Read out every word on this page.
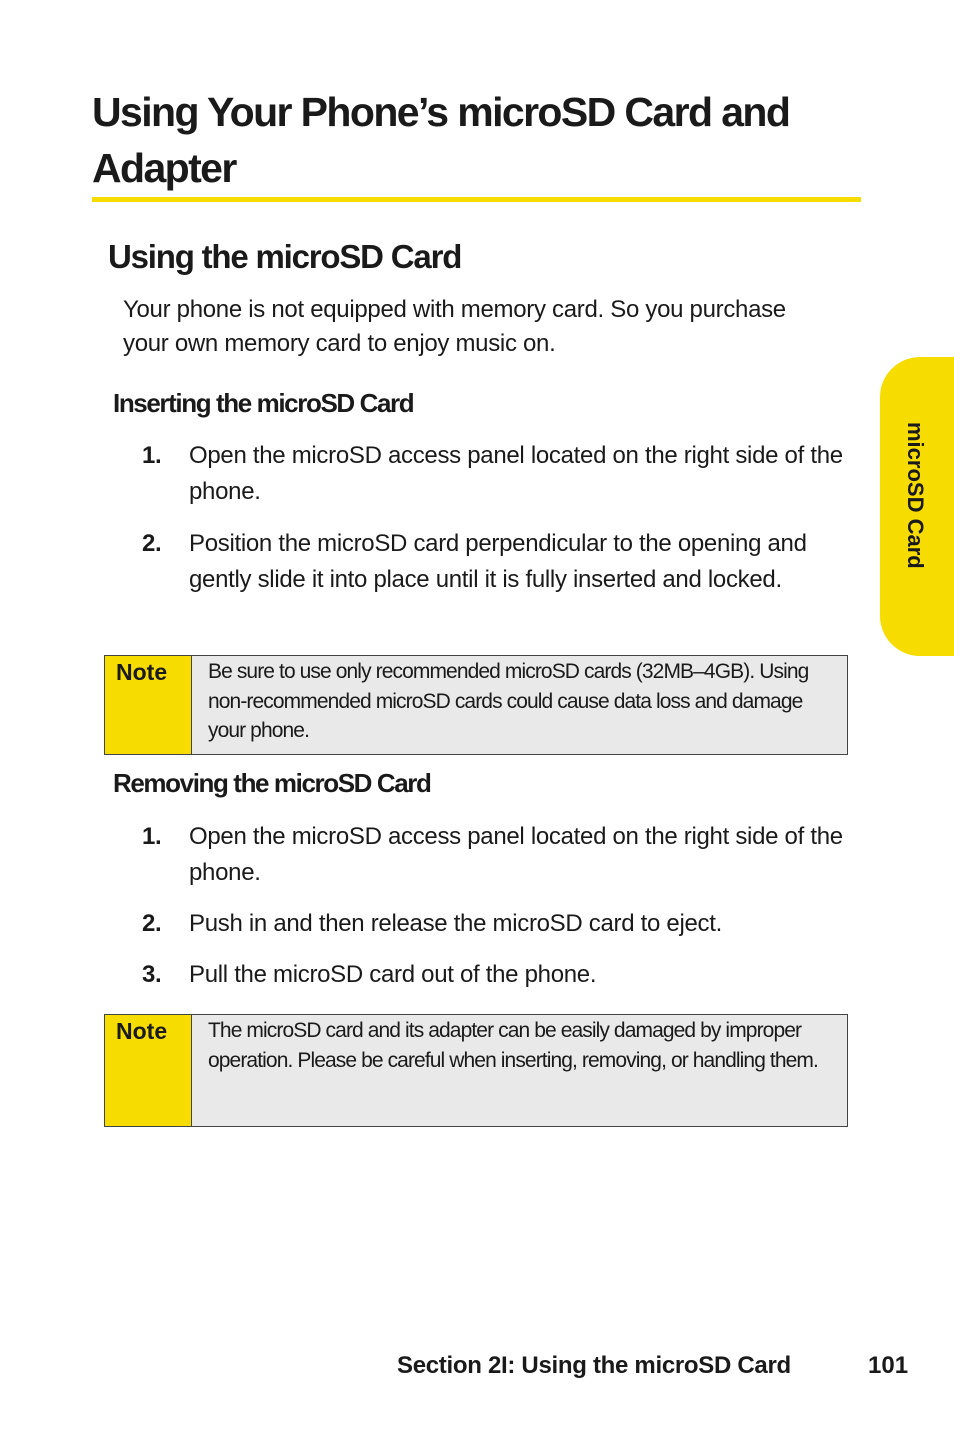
Using Your Phone’s microSD Card and Adapter
Using the microSD Card

Your phone is not equipped with memory card. So you purchase your own memory card to enjoy music on.

Inserting the microSD Card
1. Open the microSD access panel located on the right side of the phone.
2. Position the microSD card perpendicular to the opening and gently slide it into place until it is fully inserted and locked.
Note Be sure to use only recommended microSD cards (32MB–4GB). Using non-recommended microSD cards could cause data loss and damage your phone.
Removing the microSD Card
1. Open the microSD access panel located on the right side of the phone.
2. Push in and then release the microSD card to eject.
3. Pull the microSD card out of the phone.
Note The microSD card and its adapter can be easily damaged by improper operation. Please be careful when inserting, removing, or handling them.
microSD Card
Section 2I: Using the microSD Card	101
